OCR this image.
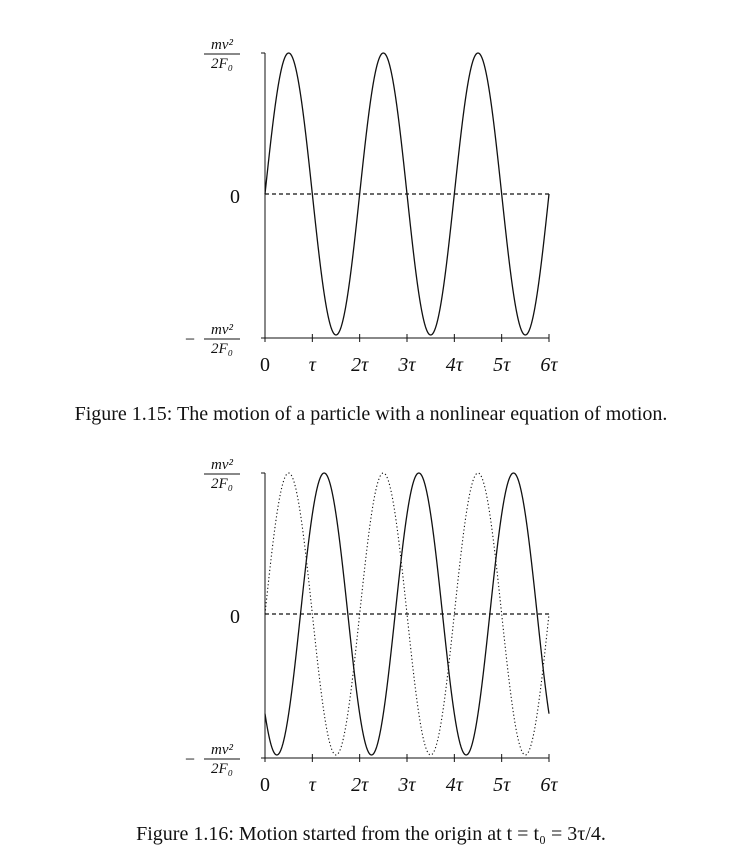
0 τ 2τ 3τ 4τ 5τ 6τ
mv²
2F₀
0
− mv²
2F₀
Figure 1.15: The motion of a particle with a nonlinear equation of motion.
0 τ 2τ 3τ 4τ 5τ 6τ
mv²
2F₀
0
− mv²
2F₀
Figure 1.16: Motion started from the origin at t = t₀ = 3τ/4.
